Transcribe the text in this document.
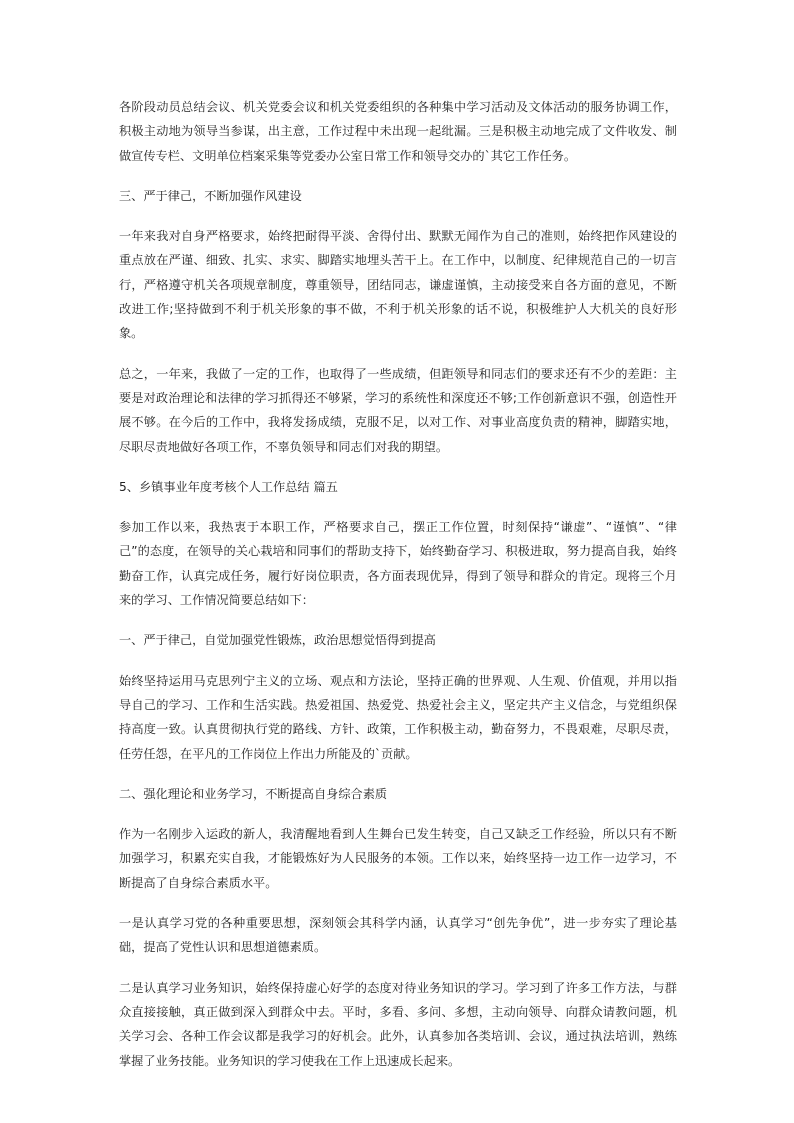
各阶段动员总结会议、机关党委会议和机关党委组织的各种集中学习活动及文体活动的服务协调工作，积极主动地为领导当参谋，出主意，工作过程中未出现一起纰漏。三是积极主动地完成了文件收发、制做宣传专栏、文明单位档案采集等党委办公室日常工作和领导交办的`其它工作任务。

三、严于律己，不断加强作风建设

一年来我对自身严格要求，始终把耐得平淡、舍得付出、默默无闻作为自己的准则，始终把作风建设的重点放在严谨、细致、扎实、求实、脚踏实地埋头苦干上。在工作中，以制度、纪律规范自己的一切言行，严格遵守机关各项规章制度，尊重领导，团结同志，谦虚谨慎，主动接受来自各方面的意见，不断改进工作;坚持做到不利于机关形象的事不做，不利于机关形象的话不说，积极维护人大机关的良好形象。

总之，一年来，我做了一定的工作，也取得了一些成绩，但距领导和同志们的要求还有不少的差距：主要是对政治理论和法律的学习抓得还不够紧，学习的系统性和深度还不够;工作创新意识不强，创造性开展不够。在今后的工作中，我将发扬成绩，克服不足，以对工作、对事业高度负责的精神，脚踏实地，尽职尽责地做好各项工作，不辜负领导和同志们对我的期望。

5、乡镇事业年度考核个人工作总结 篇五

参加工作以来，我热衷于本职工作，严格要求自己，摆正工作位置，时刻保持“谦虚”、“谨慎”、“律己”的态度，在领导的关心栽培和同事们的帮助支持下，始终勤奋学习、积极进取，努力提高自我，始终勤奋工作，认真完成任务，履行好岗位职责，各方面表现优异，得到了领导和群众的肯定。现将三个月来的学习、工作情况简要总结如下：

一、严于律己，自觉加强党性锻炼，政治思想觉悟得到提高

始终坚持运用马克思列宁主义的立场、观点和方法论，坚持正确的世界观、人生观、价值观，并用以指导自己的学习、工作和生活实践。热爱祖国、热爱党、热爱社会主义，坚定共产主义信念，与党组织保持高度一致。认真贯彻执行党的路线、方针、政策，工作积极主动，勤奋努力，不畏艰难，尽职尽责，任劳任怨，在平凡的工作岗位上作出力所能及的`贡献。

二、强化理论和业务学习，不断提高自身综合素质

作为一名刚步入运政的新人，我清醒地看到人生舞台已发生转变，自己又缺乏工作经验，所以只有不断加强学习，积累充实自我，才能锻炼好为人民服务的本领。工作以来，始终坚持一边工作一边学习，不断提高了自身综合素质水平。

一是认真学习党的各种重要思想，深刻领会其科学内涵，认真学习“创先争优”，进一步夯实了理论基础，提高了党性认识和思想道德素质。

二是认真学习业务知识，始终保持虚心好学的态度对待业务知识的学习。学习到了许多工作方法，与群众直接接触，真正做到深入到群众中去。平时，多看、多问、多想，主动向领导、向群众请教问题，机关学习会、各种工作会议都是我学习的好机会。此外，认真参加各类培训、会议，通过执法培训，熟练掌握了业务技能。业务知识的学习使我在工作上迅速成长起来。
